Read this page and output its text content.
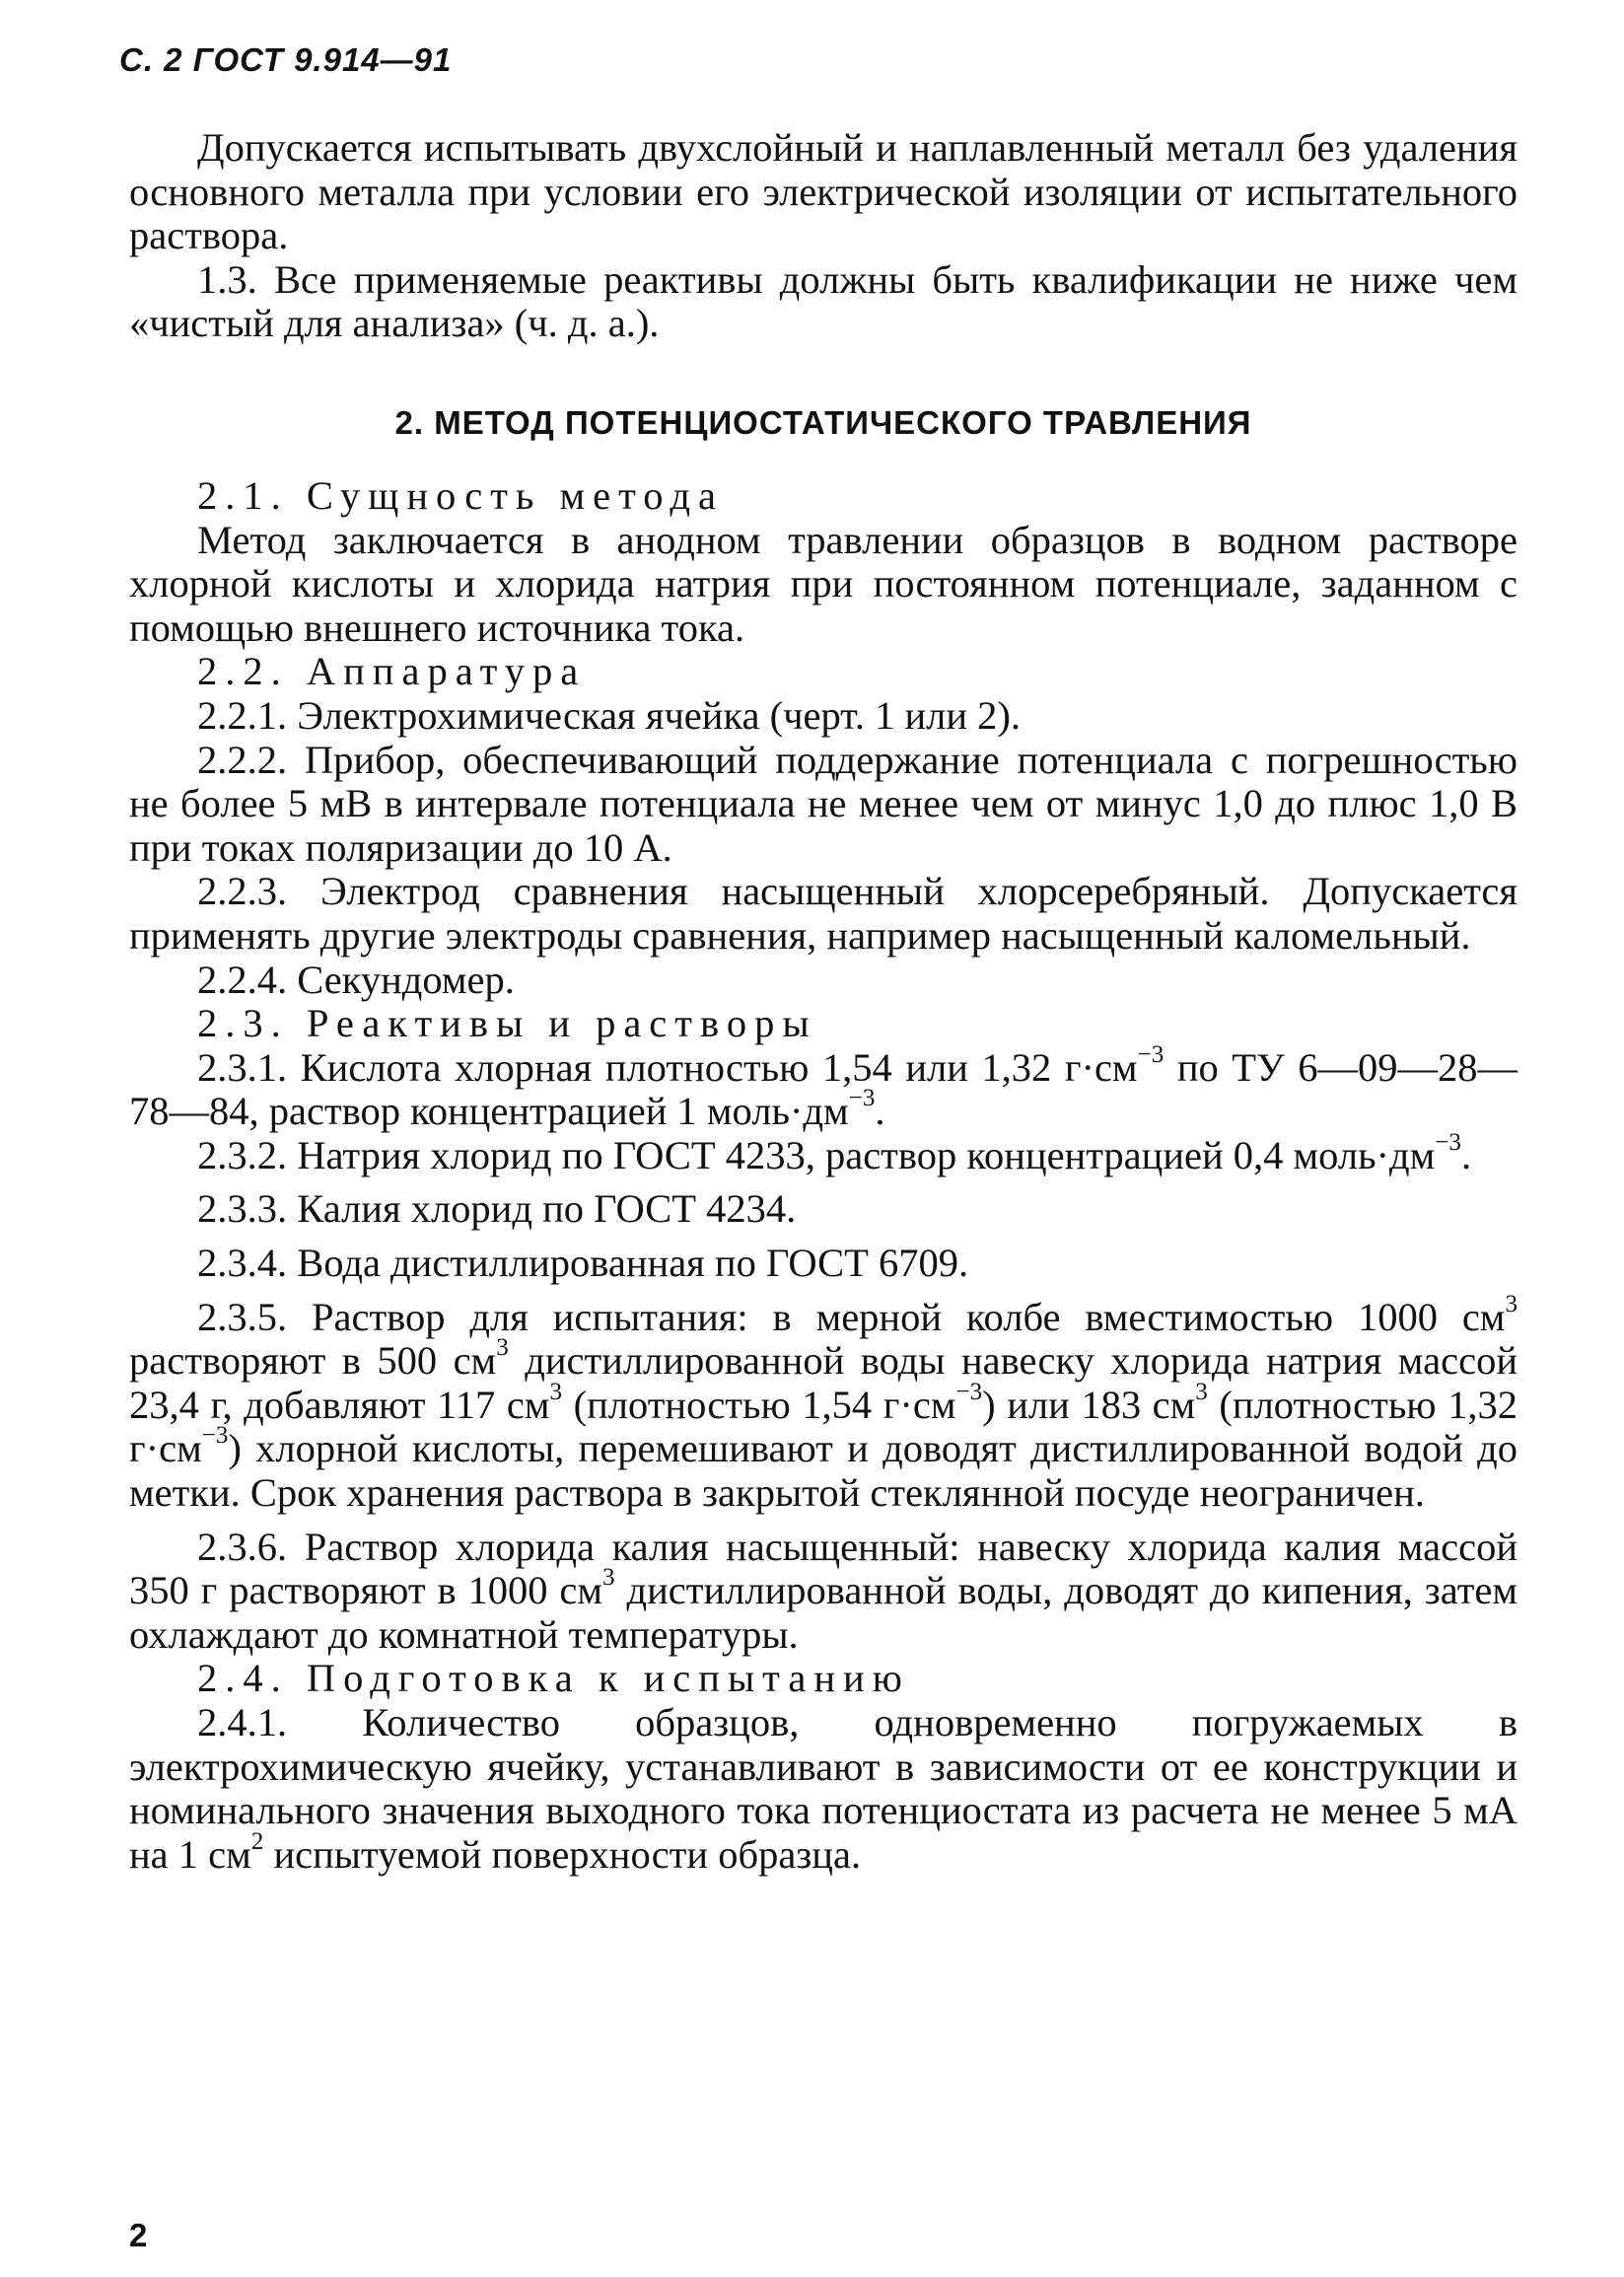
С. 2 ГОСТ 9.914—91

Допускается испытывать двухслойный и наплавленный металл без удаления основного металла при условии его электрической изоляции от испытательного раствора.

1.3. Все применяемые реактивы должны быть квалификации не ниже чем «чистый для анализа» (ч. д. а.).

2. МЕТОД ПОТЕНЦИОСТАТИЧЕСКОГО ТРАВЛЕНИЯ

2.1. Сущность метода

Метод заключается в анодном травлении образцов в водном растворе хлорной кислоты и хлорида натрия при постоянном потенциале, заданном с помощью внешнего источника тока.

2.2. Аппаратура

2.2.1. Электрохимическая ячейка (черт. 1 или 2).

2.2.2. Прибор, обеспечивающий поддержание потенциала с погрешностью не более 5 мВ в интервале потенциала не менее чем от минус 1,0 до плюс 1,0 В при токах поляризации до 10 А.

2.2.3. Электрод сравнения насыщенный хлорсеребряный. Допускается применять другие электроды сравнения, например насыщенный каломельный.

2.2.4. Секундомер.

2.3. Реактивы и растворы

2.3.1. Кислота хлорная плотностью 1,54 или 1,32 $г\cdot см^{-3}$ по ТУ 6—09—28—78—84, раствор концентрацией 1 $моль\cdot дм^{-3}$.

2.3.2. Натрия хлорид по ГОСТ 4233, раствор концентрацией 0,4 $моль\cdot дм^{-3}$.

2.3.3. Калия хлорид по ГОСТ 4234.

2.3.4. Вода дистиллированная по ГОСТ 6709.

2.3.5. Раствор для испытания: в мерной колбе вместимостью 1000 $см^3$ растворяют в 500 $см^3$ дистиллированной воды навеску хлорида натрия массой 23,4 г, добавляют 117 $см^3$ (плотностью 1,54 $г\cdot см^{-3}$) или 183 $см^3$ (плотностью 1,32 $г\cdot см^{-3}$) хлорной кислоты, перемешивают и доводят дистиллированной водой до метки. Срок хранения раствора в закрытой стеклянной посуде неограничен.

2.3.6. Раствор хлорида калия насыщенный: навеску хлорида калия массой 350 г растворяют в 1000 $см^3$ дистиллированной воды, доводят до кипения, затем охлаждают до комнатной температуры.

2.4. Подготовка к испытанию

2.4.1. Количество образцов, одновременно погружаемых в электрохимическую ячейку, устанавливают в зависимости от ее конструкции и номинального значения выходного тока потенциостата из расчета не менее 5 мА на 1 $см^2$ испытуемой поверхности образца.

2
